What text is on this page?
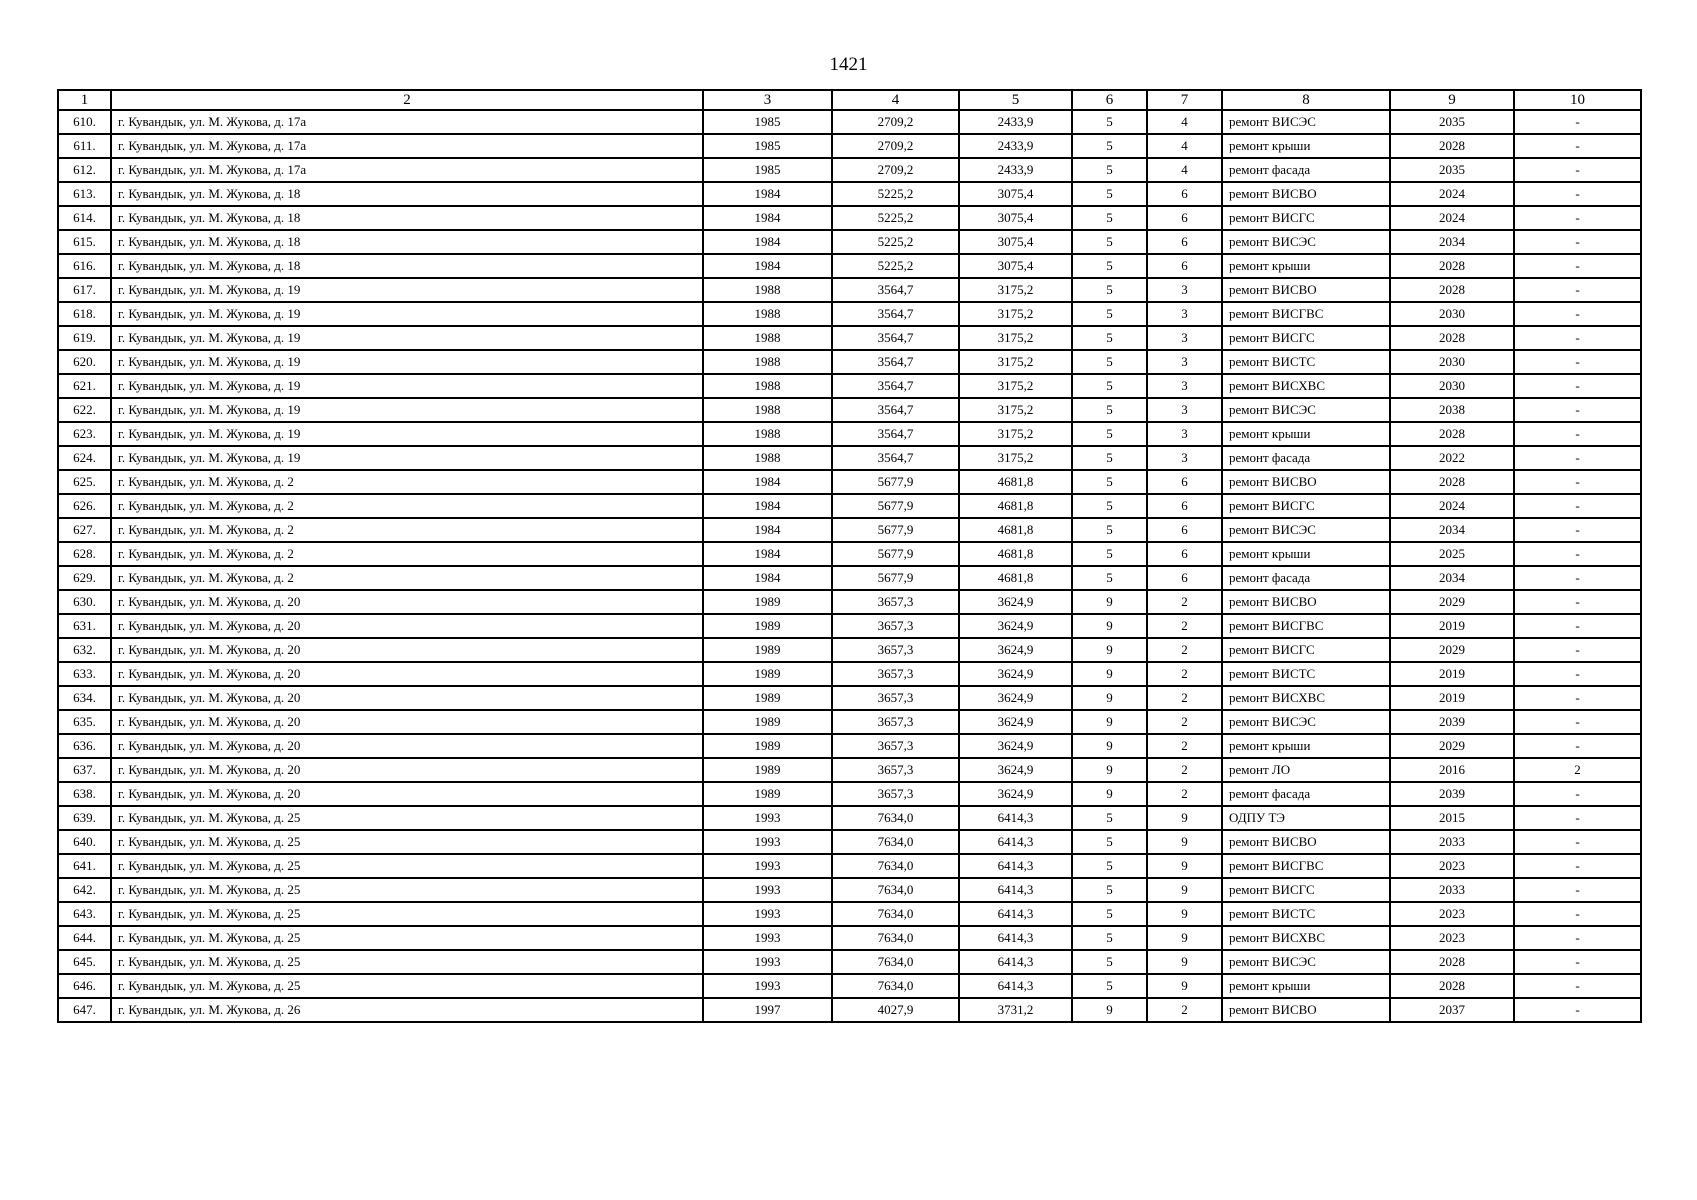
1421
1	2	3	4	5	6	7	8	9	10
610.	г. Кувандык, ул. М. Жукова, д. 17а	1985	2709,2	2433,9	5	4	ремонт ВИСЭС	2035	-
611.	г. Кувандык, ул. М. Жукова, д. 17а	1985	2709,2	2433,9	5	4	ремонт крыши	2028	-
612.	г. Кувандык, ул. М. Жукова, д. 17а	1985	2709,2	2433,9	5	4	ремонт фасада	2035	-
613.	г. Кувандык, ул. М. Жукова, д. 18	1984	5225,2	3075,4	5	6	ремонт ВИСВО	2024	-
614.	г. Кувандык, ул. М. Жукова, д. 18	1984	5225,2	3075,4	5	6	ремонт ВИСГС	2024	-
615.	г. Кувандык, ул. М. Жукова, д. 18	1984	5225,2	3075,4	5	6	ремонт ВИСЭС	2034	-
616.	г. Кувандык, ул. М. Жукова, д. 18	1984	5225,2	3075,4	5	6	ремонт крыши	2028	-
617.	г. Кувандык, ул. М. Жукова, д. 19	1988	3564,7	3175,2	5	3	ремонт ВИСВО	2028	-
618.	г. Кувандык, ул. М. Жукова, д. 19	1988	3564,7	3175,2	5	3	ремонт ВИСГВС	2030	-
619.	г. Кувандык, ул. М. Жукова, д. 19	1988	3564,7	3175,2	5	3	ремонт ВИСГС	2028	-
620.	г. Кувандык, ул. М. Жукова, д. 19	1988	3564,7	3175,2	5	3	ремонт ВИСТС	2030	-
621.	г. Кувандык, ул. М. Жукова, д. 19	1988	3564,7	3175,2	5	3	ремонт ВИСХВС	2030	-
622.	г. Кувандык, ул. М. Жукова, д. 19	1988	3564,7	3175,2	5	3	ремонт ВИСЭС	2038	-
623.	г. Кувандык, ул. М. Жукова, д. 19	1988	3564,7	3175,2	5	3	ремонт крыши	2028	-
624.	г. Кувандык, ул. М. Жукова, д. 19	1988	3564,7	3175,2	5	3	ремонт фасада	2022	-
625.	г. Кувандык, ул. М. Жукова, д. 2	1984	5677,9	4681,8	5	6	ремонт ВИСВО	2028	-
626.	г. Кувандык, ул. М. Жукова, д. 2	1984	5677,9	4681,8	5	6	ремонт ВИСГС	2024	-
627.	г. Кувандык, ул. М. Жукова, д. 2	1984	5677,9	4681,8	5	6	ремонт ВИСЭС	2034	-
628.	г. Кувандык, ул. М. Жукова, д. 2	1984	5677,9	4681,8	5	6	ремонт крыши	2025	-
629.	г. Кувандык, ул. М. Жукова, д. 2	1984	5677,9	4681,8	5	6	ремонт фасада	2034	-
630.	г. Кувандык, ул. М. Жукова, д. 20	1989	3657,3	3624,9	9	2	ремонт ВИСВО	2029	-
631.	г. Кувандык, ул. М. Жукова, д. 20	1989	3657,3	3624,9	9	2	ремонт ВИСГВС	2019	-
632.	г. Кувандык, ул. М. Жукова, д. 20	1989	3657,3	3624,9	9	2	ремонт ВИСГС	2029	-
633.	г. Кувандык, ул. М. Жукова, д. 20	1989	3657,3	3624,9	9	2	ремонт ВИСТС	2019	-
634.	г. Кувандык, ул. М. Жукова, д. 20	1989	3657,3	3624,9	9	2	ремонт ВИСХВС	2019	-
635.	г. Кувандык, ул. М. Жукова, д. 20	1989	3657,3	3624,9	9	2	ремонт ВИСЭС	2039	-
636.	г. Кувандык, ул. М. Жукова, д. 20	1989	3657,3	3624,9	9	2	ремонт крыши	2029	-
637.	г. Кувандык, ул. М. Жукова, д. 20	1989	3657,3	3624,9	9	2	ремонт ЛО	2016	2
638.	г. Кувандык, ул. М. Жукова, д. 20	1989	3657,3	3624,9	9	2	ремонт фасада	2039	-
639.	г. Кувандык, ул. М. Жукова, д. 25	1993	7634,0	6414,3	5	9	ОДПУ ТЭ	2015	-
640.	г. Кувандык, ул. М. Жукова, д. 25	1993	7634,0	6414,3	5	9	ремонт ВИСВО	2033	-
641.	г. Кувандык, ул. М. Жукова, д. 25	1993	7634,0	6414,3	5	9	ремонт ВИСГВС	2023	-
642.	г. Кувандык, ул. М. Жукова, д. 25	1993	7634,0	6414,3	5	9	ремонт ВИСГС	2033	-
643.	г. Кувандык, ул. М. Жукова, д. 25	1993	7634,0	6414,3	5	9	ремонт ВИСТС	2023	-
644.	г. Кувандык, ул. М. Жукова, д. 25	1993	7634,0	6414,3	5	9	ремонт ВИСХВС	2023	-
645.	г. Кувандык, ул. М. Жукова, д. 25	1993	7634,0	6414,3	5	9	ремонт ВИСЭС	2028	-
646.	г. Кувандык, ул. М. Жукова, д. 25	1993	7634,0	6414,3	5	9	ремонт крыши	2028	-
647.	г. Кувандык, ул. М. Жукова, д. 26	1997	4027,9	3731,2	9	2	ремонт ВИСВО	2037	-
